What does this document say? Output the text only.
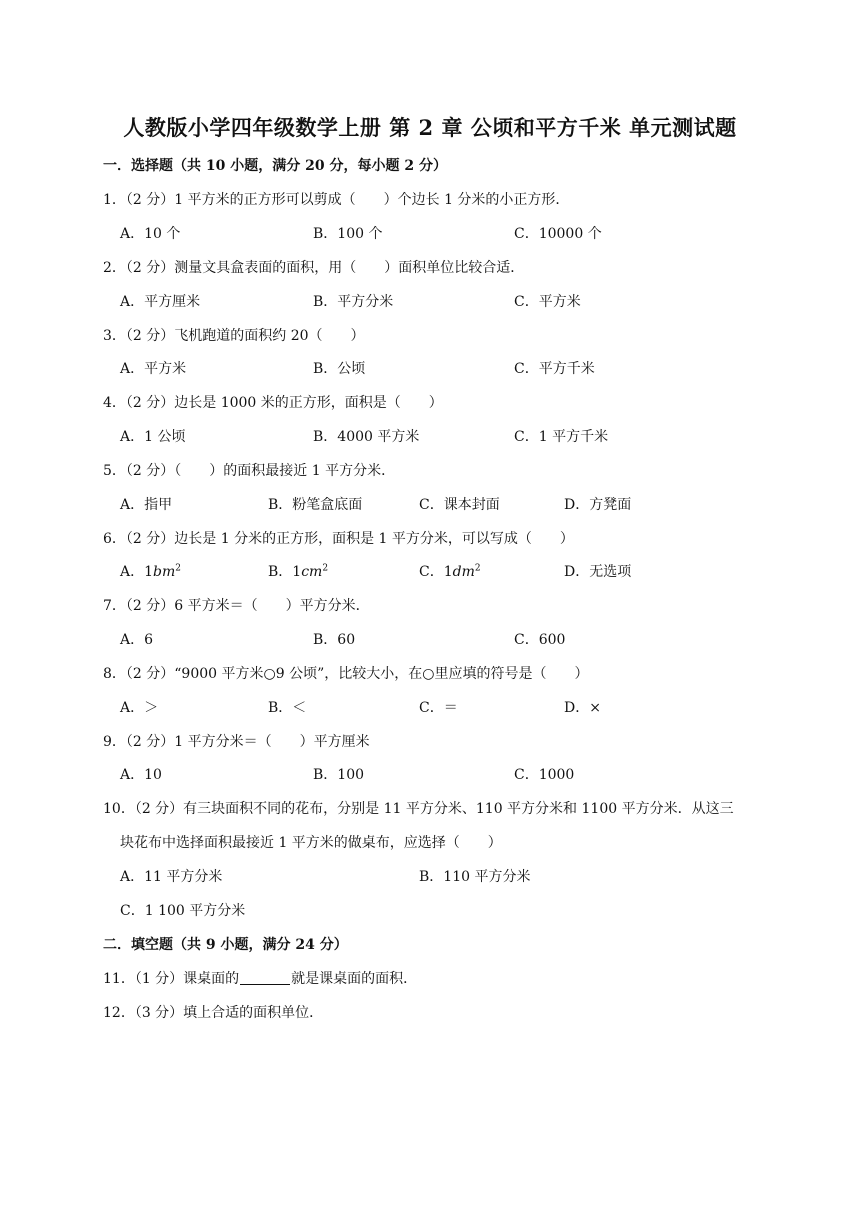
人教版小学四年级数学上册 第 2 章 公顷和平方千米 单元测试题
一．选择题（共 10 小题，满分 20 分，每小题 2 分）
1．（2 分）1 平方米的正方形可以剪成（　　）个边长 1 分米的小正方形．
A．10 个	B．100 个	C．10000 个
2．（2 分）测量文具盒表面的面积，用（　　）面积单位比较合适．
A．平方厘米	B．平方分米	C．平方米
3．（2 分）飞机跑道的面积约 20（　　）
A．平方米	B．公顷	C．平方千米
4．（2 分）边长是 1000 米的正方形，面积是（　　）
A．1 公顷	B．4000 平方米	C．1 平方千米
5．（2 分）（　　）的面积最接近 1 平方分米．
A．指甲	B．粉笔盒底面	C．课本封面	D．方凳面
6．（2 分）边长是 1 分米的正方形，面积是 1 平方分米，可以写成（　　）
A．$1bm^2$	B．$1cm^2$	C．$1dm^2$	D．无选项
7．（2 分）6 平方米＝（　　）平方分米．
A．6	B．60	C．600
8．（2 分）“9000 平方米○9 公顷”，比较大小，在○里应填的符号是（　　）
A．＞	B．＜	C．＝	D．×
9．（2 分）1 平方分米＝（　　）平方厘米
A．10	B．100	C．1000
10．（2 分）有三块面积不同的花布，分别是 11 平方分米、110 平方分米和 1100 平方分米．从这三
块花布中选择面积最接近 1 平方米的做桌布，应选择（　　）
A．11 平方分米	B．110 平方分米
C．1 100 平方分米
二．填空题（共 9 小题，满分 24 分）
11．（1 分）课桌面的	就是课桌面的面积．
12．（3 分）填上合适的面积单位．
